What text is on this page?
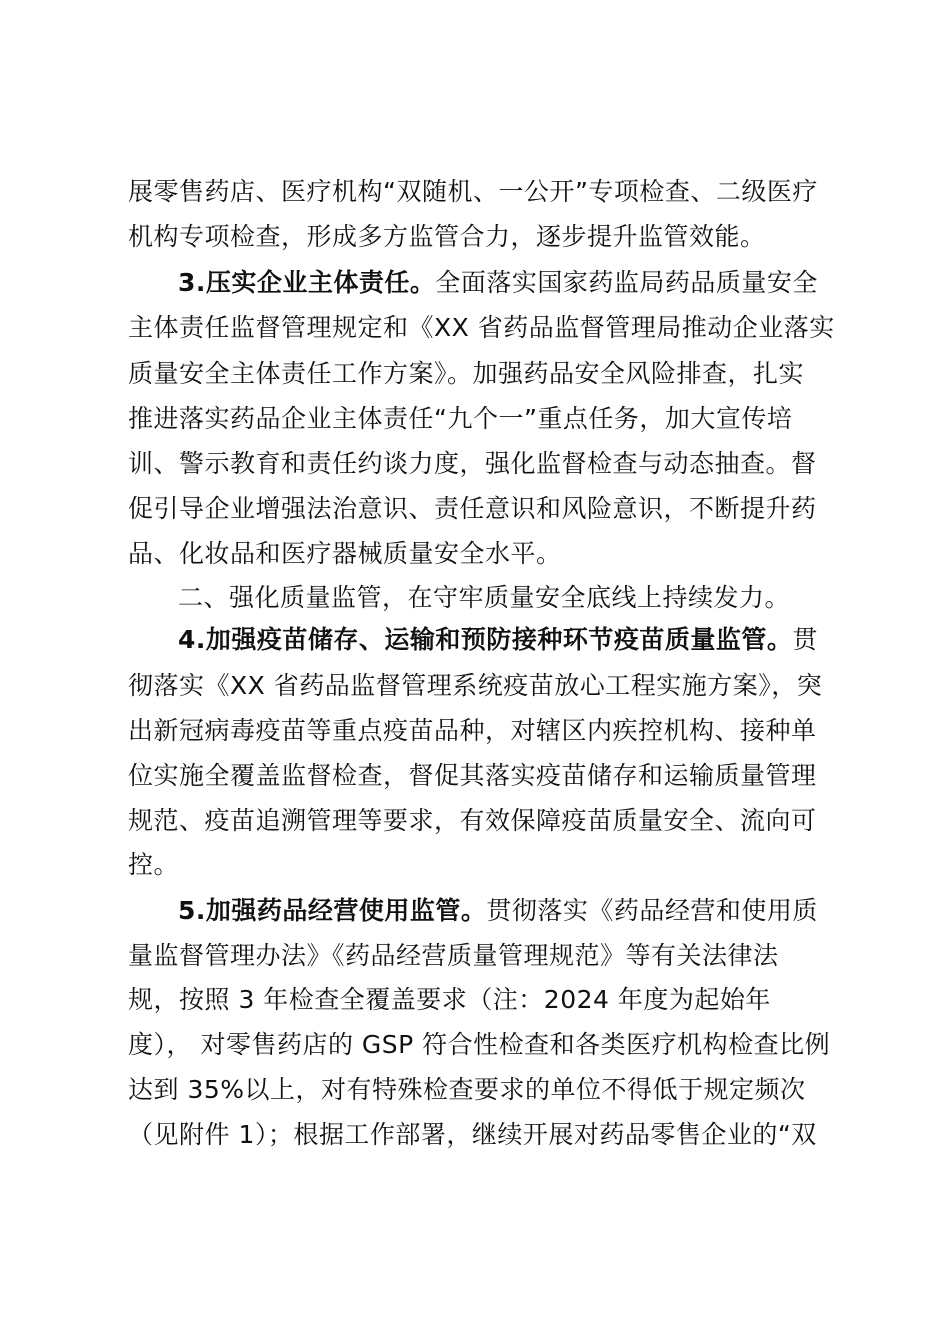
展零售药店、医疗机构“双随机、一公开”专项检查、二级医疗
机构专项检查，形成多方监管合力，逐步提升监管效能。
3.压实企业主体责任。全面落实国家药监局药品质量安全
主体责任监督管理规定和《XX 省药品监督管理局推动企业落实
质量安全主体责任工作方案》。加强药品安全风险排查，扎实
推进落实药品企业主体责任“九个一”重点任务，加大宣传培
训、警示教育和责任约谈力度，强化监督检查与动态抽查。督
促引导企业增强法治意识、责任意识和风险意识，不断提升药
品、化妆品和医疗器械质量安全水平。
二、强化质量监管，在守牢质量安全底线上持续发力。
4.加强疫苗储存、运输和预防接种环节疫苗质量监管。贯
彻落实《XX 省药品监督管理系统疫苗放心工程实施方案》，突
出新冠病毒疫苗等重点疫苗品种，对辖区内疾控机构、接种单
位实施全覆盖监督检查，督促其落实疫苗储存和运输质量管理
规范、疫苗追溯管理等要求，有效保障疫苗质量安全、流向可
控。
5.加强药品经营使用监管。贯彻落实《药品经营和使用质
量监督管理办法》《药品经营质量管理规范》等有关法律法
规，按照 3 年检查全覆盖要求（注：2024 年度为起始年
度）， 对零售药店的 GSP 符合性检查和各类医疗机构检查比例
达到 35%以上，对有特殊检查要求的单位不得低于规定频次
（见附件 1）；根据工作部署，继续开展对药品零售企业的“双
